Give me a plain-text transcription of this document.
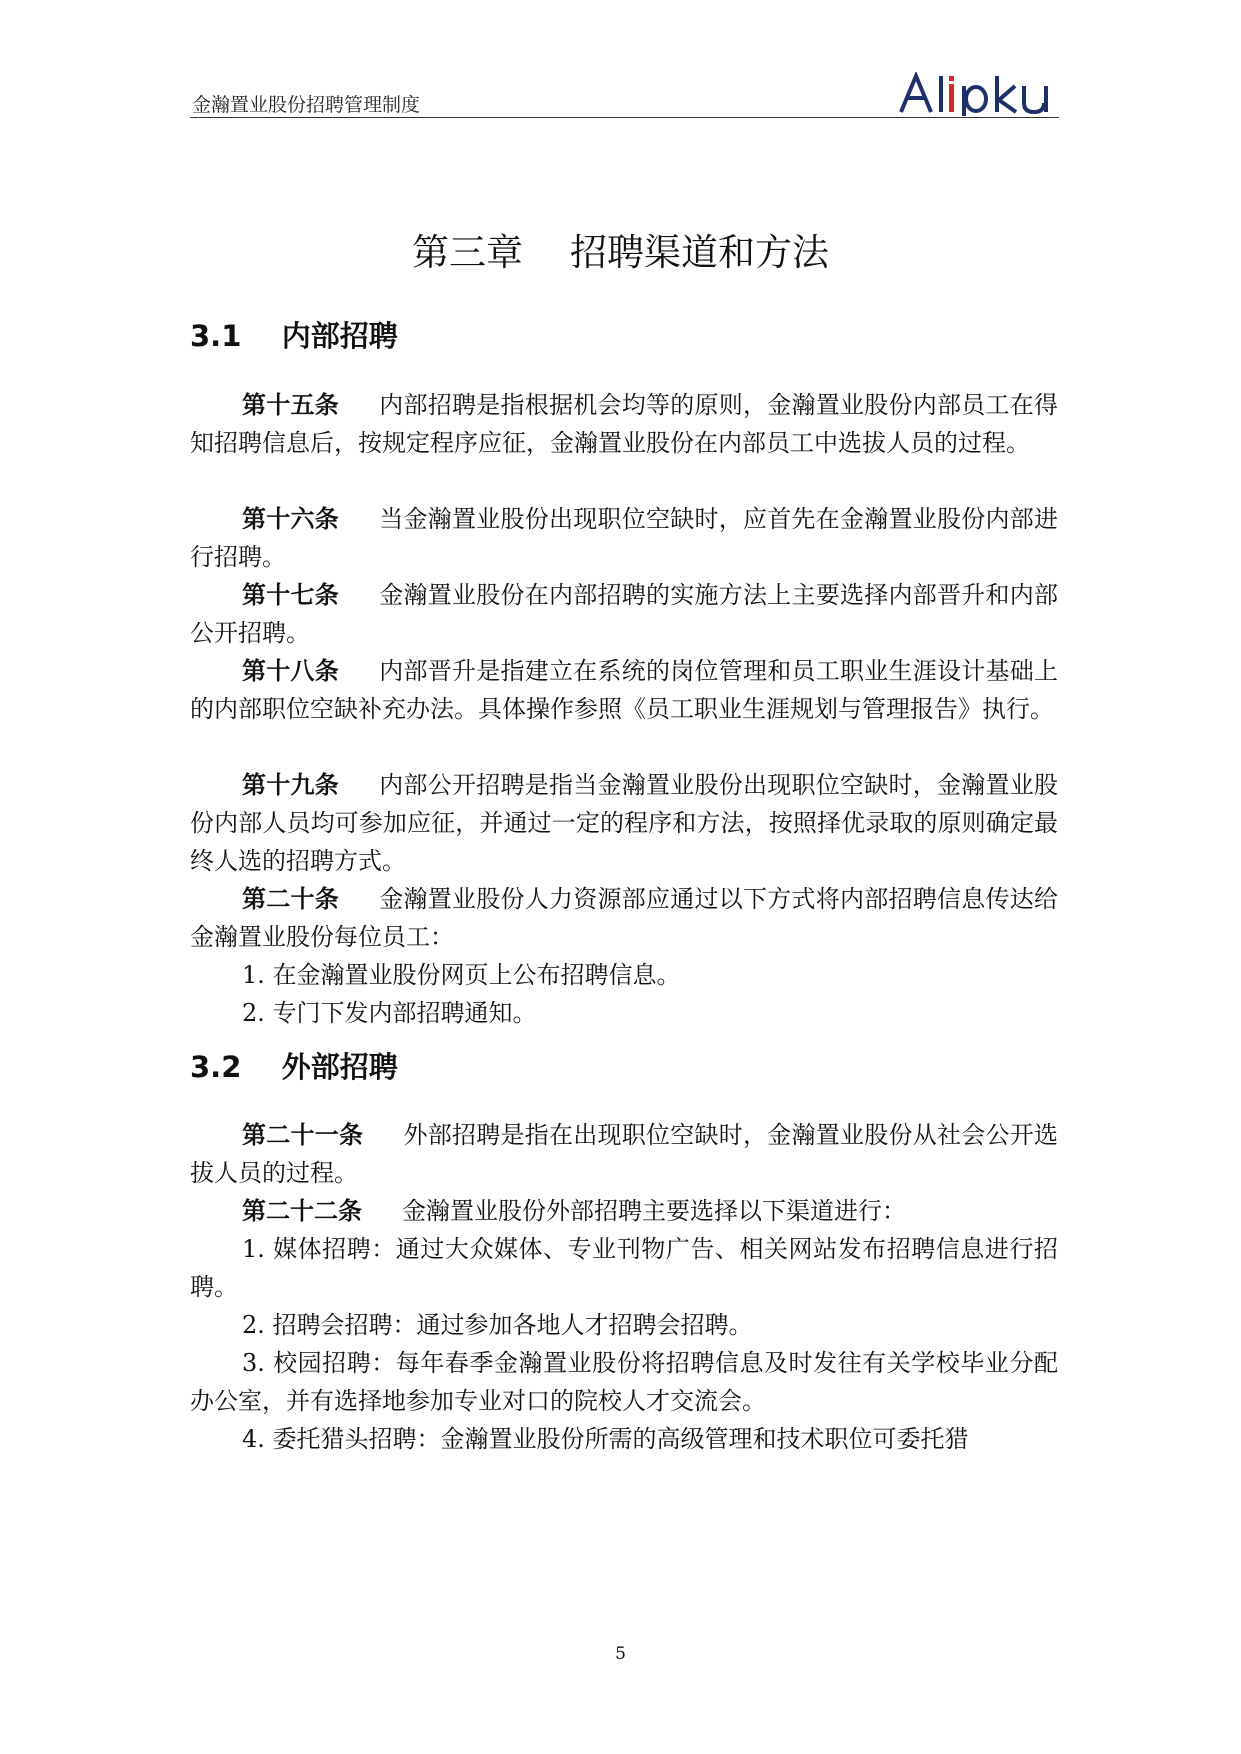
金瀚置业股份招聘管理制度
第三章    招聘渠道和方法
3.1    内部招聘

第十五条 内部招聘是指根据机会均等的原则，金瀚置业股份内部员工在得知招聘信息后，按规定程序应征，金瀚置业股份在内部员工中选拔人员的过程。

第十六条 当金瀚置业股份出现职位空缺时，应首先在金瀚置业股份内部进行招聘。

第十七条 金瀚置业股份在内部招聘的实施方法上主要选择内部晋升和内部公开招聘。

第十八条 内部晋升是指建立在系统的岗位管理和员工职业生涯设计基础上的内部职位空缺补充办法。具体操作参照《员工职业生涯规划与管理报告》执行。

第十九条 内部公开招聘是指当金瀚置业股份出现职位空缺时，金瀚置业股份内部人员均可参加应征，并通过一定的程序和方法，按照择优录取的原则确定最终人选的招聘方式。

第二十条 金瀚置业股份人力资源部应通过以下方式将内部招聘信息传达给金瀚置业股份每位员工：

1. 在金瀚置业股份网页上公布招聘信息。

2. 专门下发内部招聘通知。

3.2    外部招聘

第二十一条 外部招聘是指在出现职位空缺时，金瀚置业股份从社会公开选拔人员的过程。

第二十二条 金瀚置业股份外部招聘主要选择以下渠道进行：

1. 媒体招聘：通过大众媒体、专业刊物广告、相关网站发布招聘信息进行招聘。

2. 招聘会招聘：通过参加各地人才招聘会招聘。

3. 校园招聘：每年春季金瀚置业股份将招聘信息及时发往有关学校毕业分配办公室，并有选择地参加专业对口的院校人才交流会。

4. 委托猎头招聘：金瀚置业股份所需的高级管理和技术职位可委托猎

5
